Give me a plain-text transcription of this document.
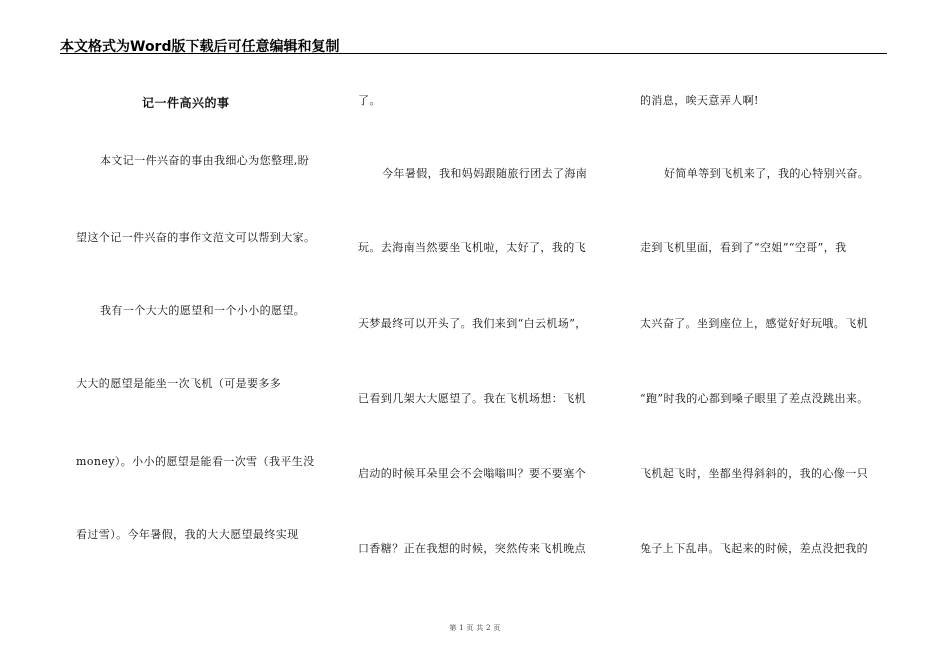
本文格式为Word版下载后可任意编辑和复制
记一件高兴的事
本文记一件兴奋的事由我细心为您整理,盼
望这个记一件兴奋的事作文范文可以帮到大家。
我有一个大大的愿望和一个小小的愿望。
大大的愿望是能坐一次飞机（可是要多多
money）。小小的愿望是能看一次雪（我平生没
看过雪）。今年暑假，我的大大愿望最终实现
了。
今年暑假，我和妈妈跟随旅行团去了海南
玩。去海南当然要坐飞机啦，太好了，我的飞
天梦最终可以开头了。我们来到“白云机场”，
已看到几架大大愿望了。我在飞机场想：飞机
启动的时候耳朵里会不会嗡嗡叫？要不要塞个
口香糖？正在我想的时候，突然传来飞机晚点
的消息，唉天意弄人啊!
好简单等到飞机来了，我的心特别兴奋。
走到飞机里面，看到了“空姐”“空哥”，我
太兴奋了。坐到座位上，感觉好好玩哦。飞机
“跑”时我的心都到嗓子眼里了差点没跳出来。
飞机起飞时，坐都坐得斜斜的，我的心像一只
兔子上下乱串。飞起来的时候，差点没把我的
第 1 页 共 2 页
